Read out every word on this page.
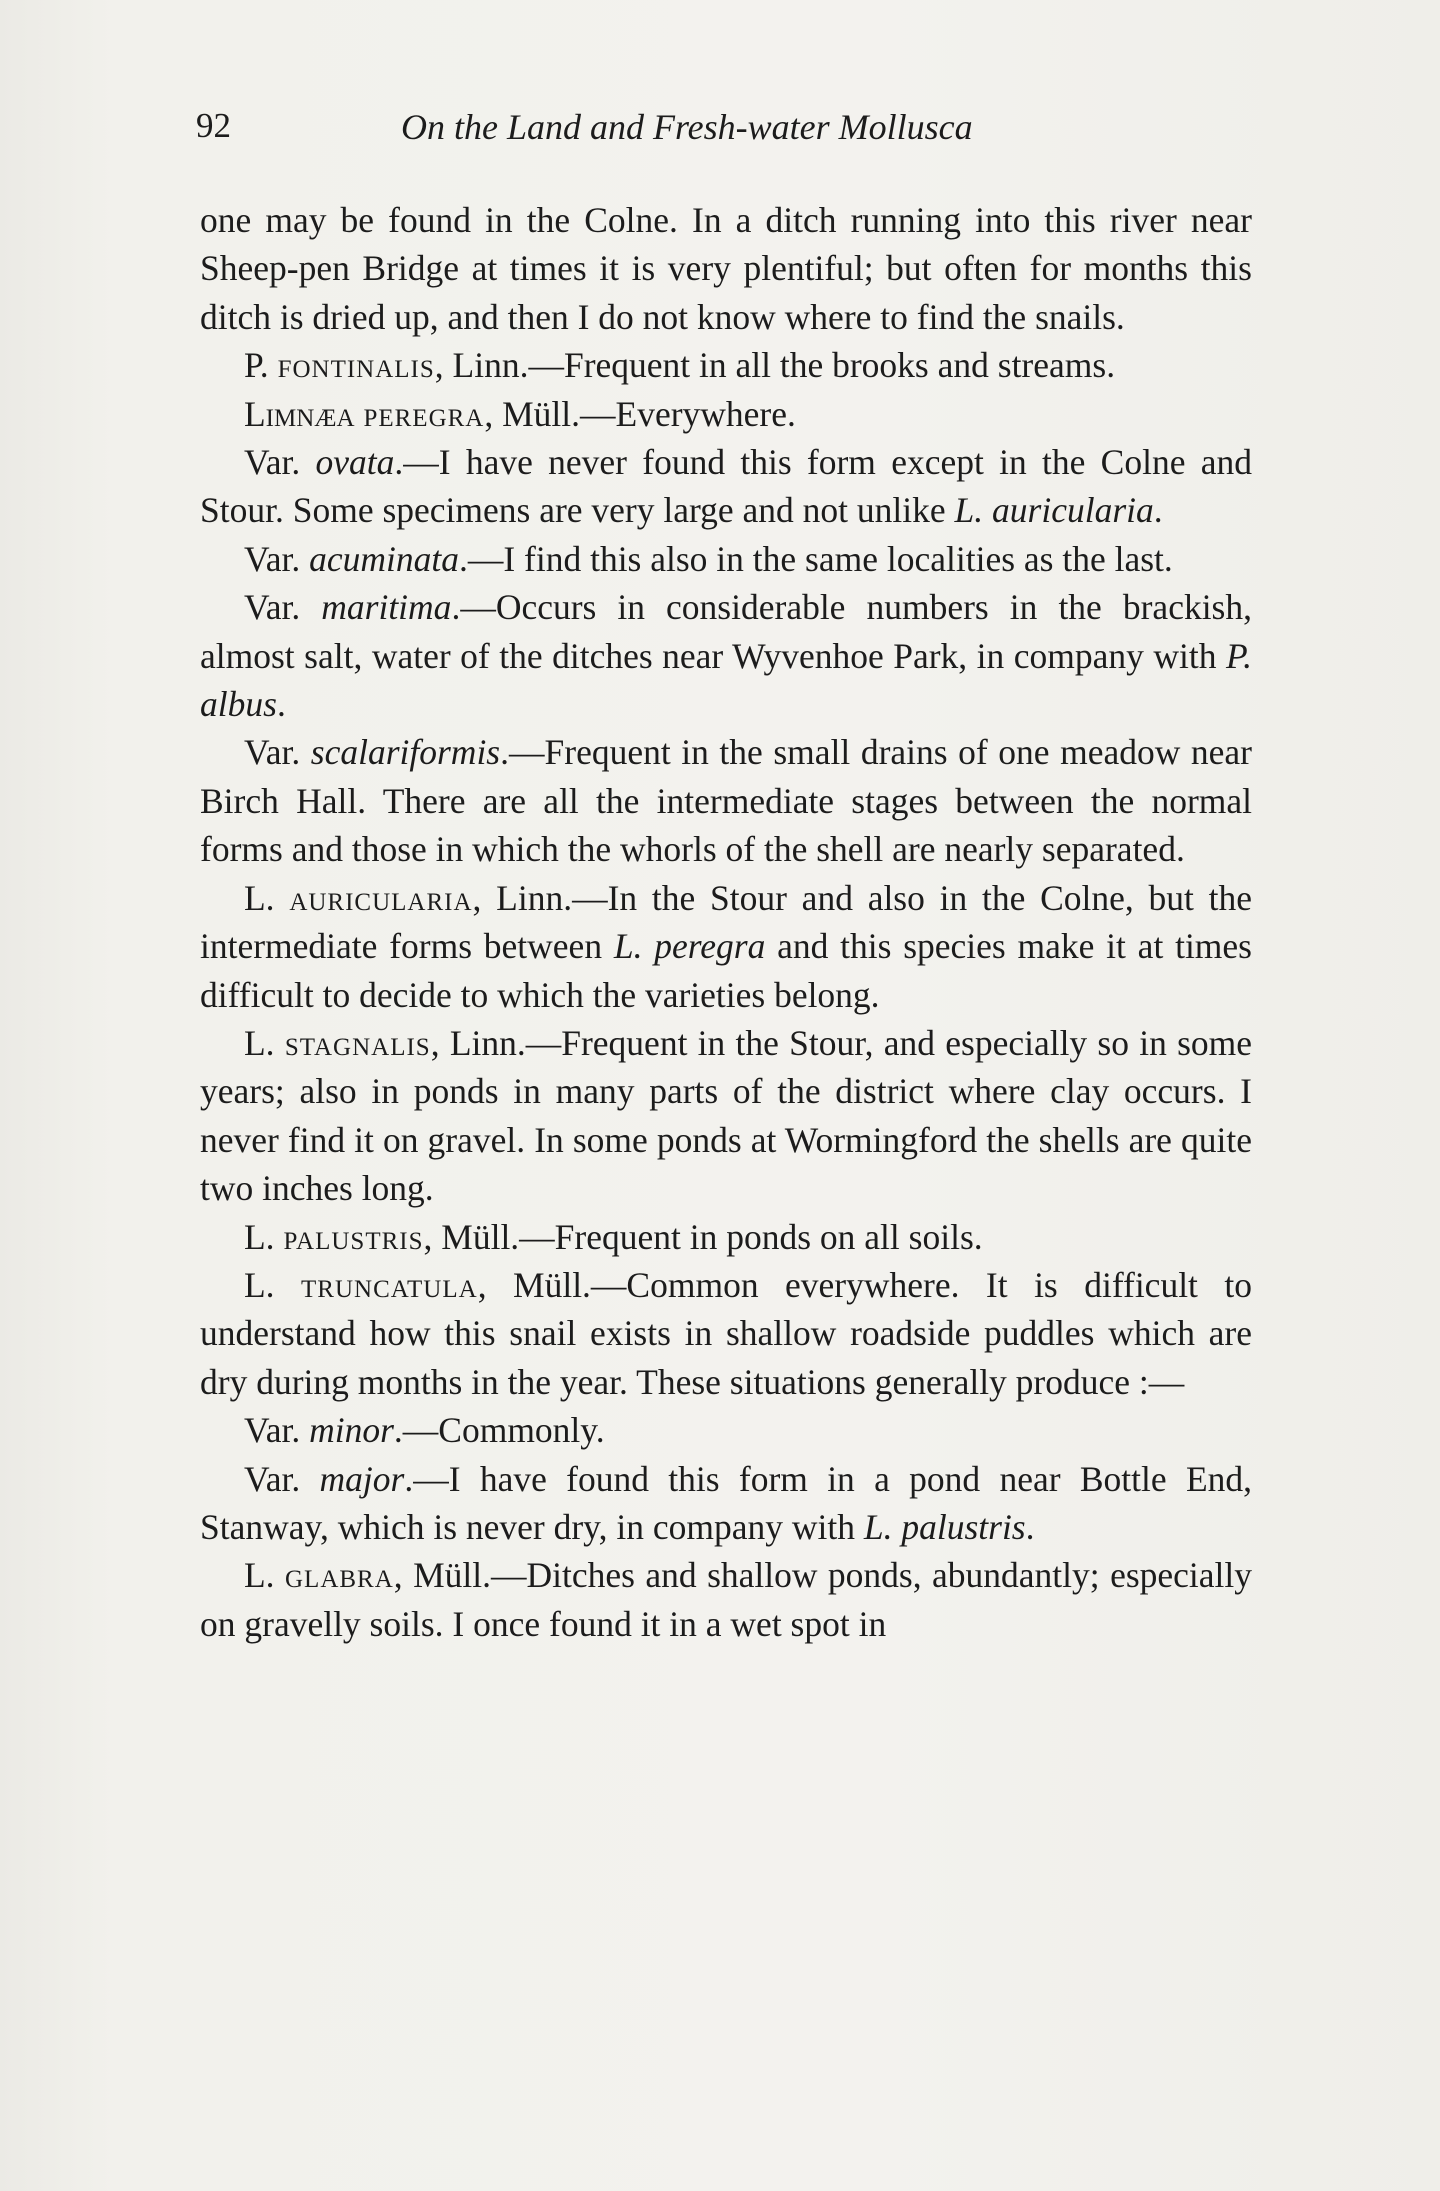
92	On the Land and Fresh-water Mollusca

one may be found in the Colne. In a ditch running into this river near Sheep-pen Bridge at times it is very plentiful; but often for months this ditch is dried up, and then I do not know where to find the snails.

P. fontinalis, Linn.—Frequent in all the brooks and streams.

Limnæa peregra, Müll.—Everywhere.

Var. ovata.—I have never found this form except in the Colne and Stour. Some specimens are very large and not unlike L. auricularia.

Var. acuminata.—I find this also in the same localities as the last.

Var. maritima.—Occurs in considerable numbers in the brackish, almost salt, water of the ditches near Wyvenhoe Park, in company with P. albus.

Var. scalariformis.—Frequent in the small drains of one meadow near Birch Hall. There are all the intermediate stages between the normal forms and those in which the whorls of the shell are nearly separated.

L. auricularia, Linn.—In the Stour and also in the Colne, but the intermediate forms between L. peregra and this species make it at times difficult to decide to which the varieties belong.

L. stagnalis, Linn.—Frequent in the Stour, and especially so in some years; also in ponds in many parts of the district where clay occurs. I never find it on gravel. In some ponds at Wormingford the shells are quite two inches long.

L. palustris, Müll.—Frequent in ponds on all soils.

L. truncatula, Müll.—Common everywhere. It is difficult to understand how this snail exists in shallow roadside puddles which are dry during months in the year. These situations generally produce :—

Var. minor.—Commonly.

Var. major.—I have found this form in a pond near Bottle End, Stanway, which is never dry, in company with L. palustris.

L. glabra, Müll.—Ditches and shallow ponds, abundantly; especially on gravelly soils. I once found it in a wet spot in
